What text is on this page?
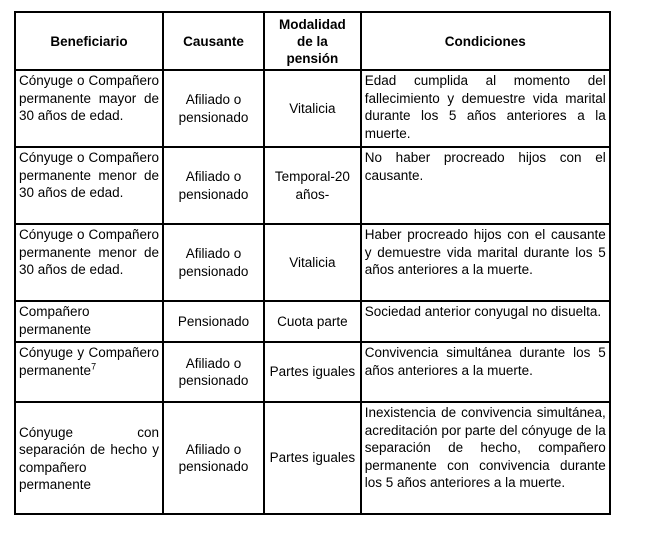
Beneficiario	Causante	Modalidad de la pensión	Condiciones
Cónyuge o Compañero permanente mayor de 30 años de edad.	Afiliado o pensionado	Vitalicia	Edad cumplida al momento del fallecimiento y demuestre vida marital durante los 5 años anteriores a la muerte.
Cónyuge o Compañero permanente menor de 30 años de edad.	Afiliado o pensionado	Temporal-20 años-	No haber procreado hijos con el causante.
Cónyuge o Compañero permanente menor de 30 años de edad.	Afiliado o pensionado	Vitalicia	Haber procreado hijos con el causante y demuestre vida marital durante los 5 años anteriores a la muerte.
Compañero permanente	Pensionado	Cuota parte	Sociedad anterior conyugal no disuelta.
Cónyuge y Compañero permanente$^7$	Afiliado o pensionado	Partes iguales	Convivencia simultánea durante los 5 años anteriores a la muerte.
Cónyuge con separación de hecho y compañero permanente	Afiliado o pensionado	Partes iguales	Inexistencia de convivencia simultánea, acreditación por parte del cónyuge de la separación de hecho, compañero permanente con convivencia durante los 5 años anteriores a la muerte.
